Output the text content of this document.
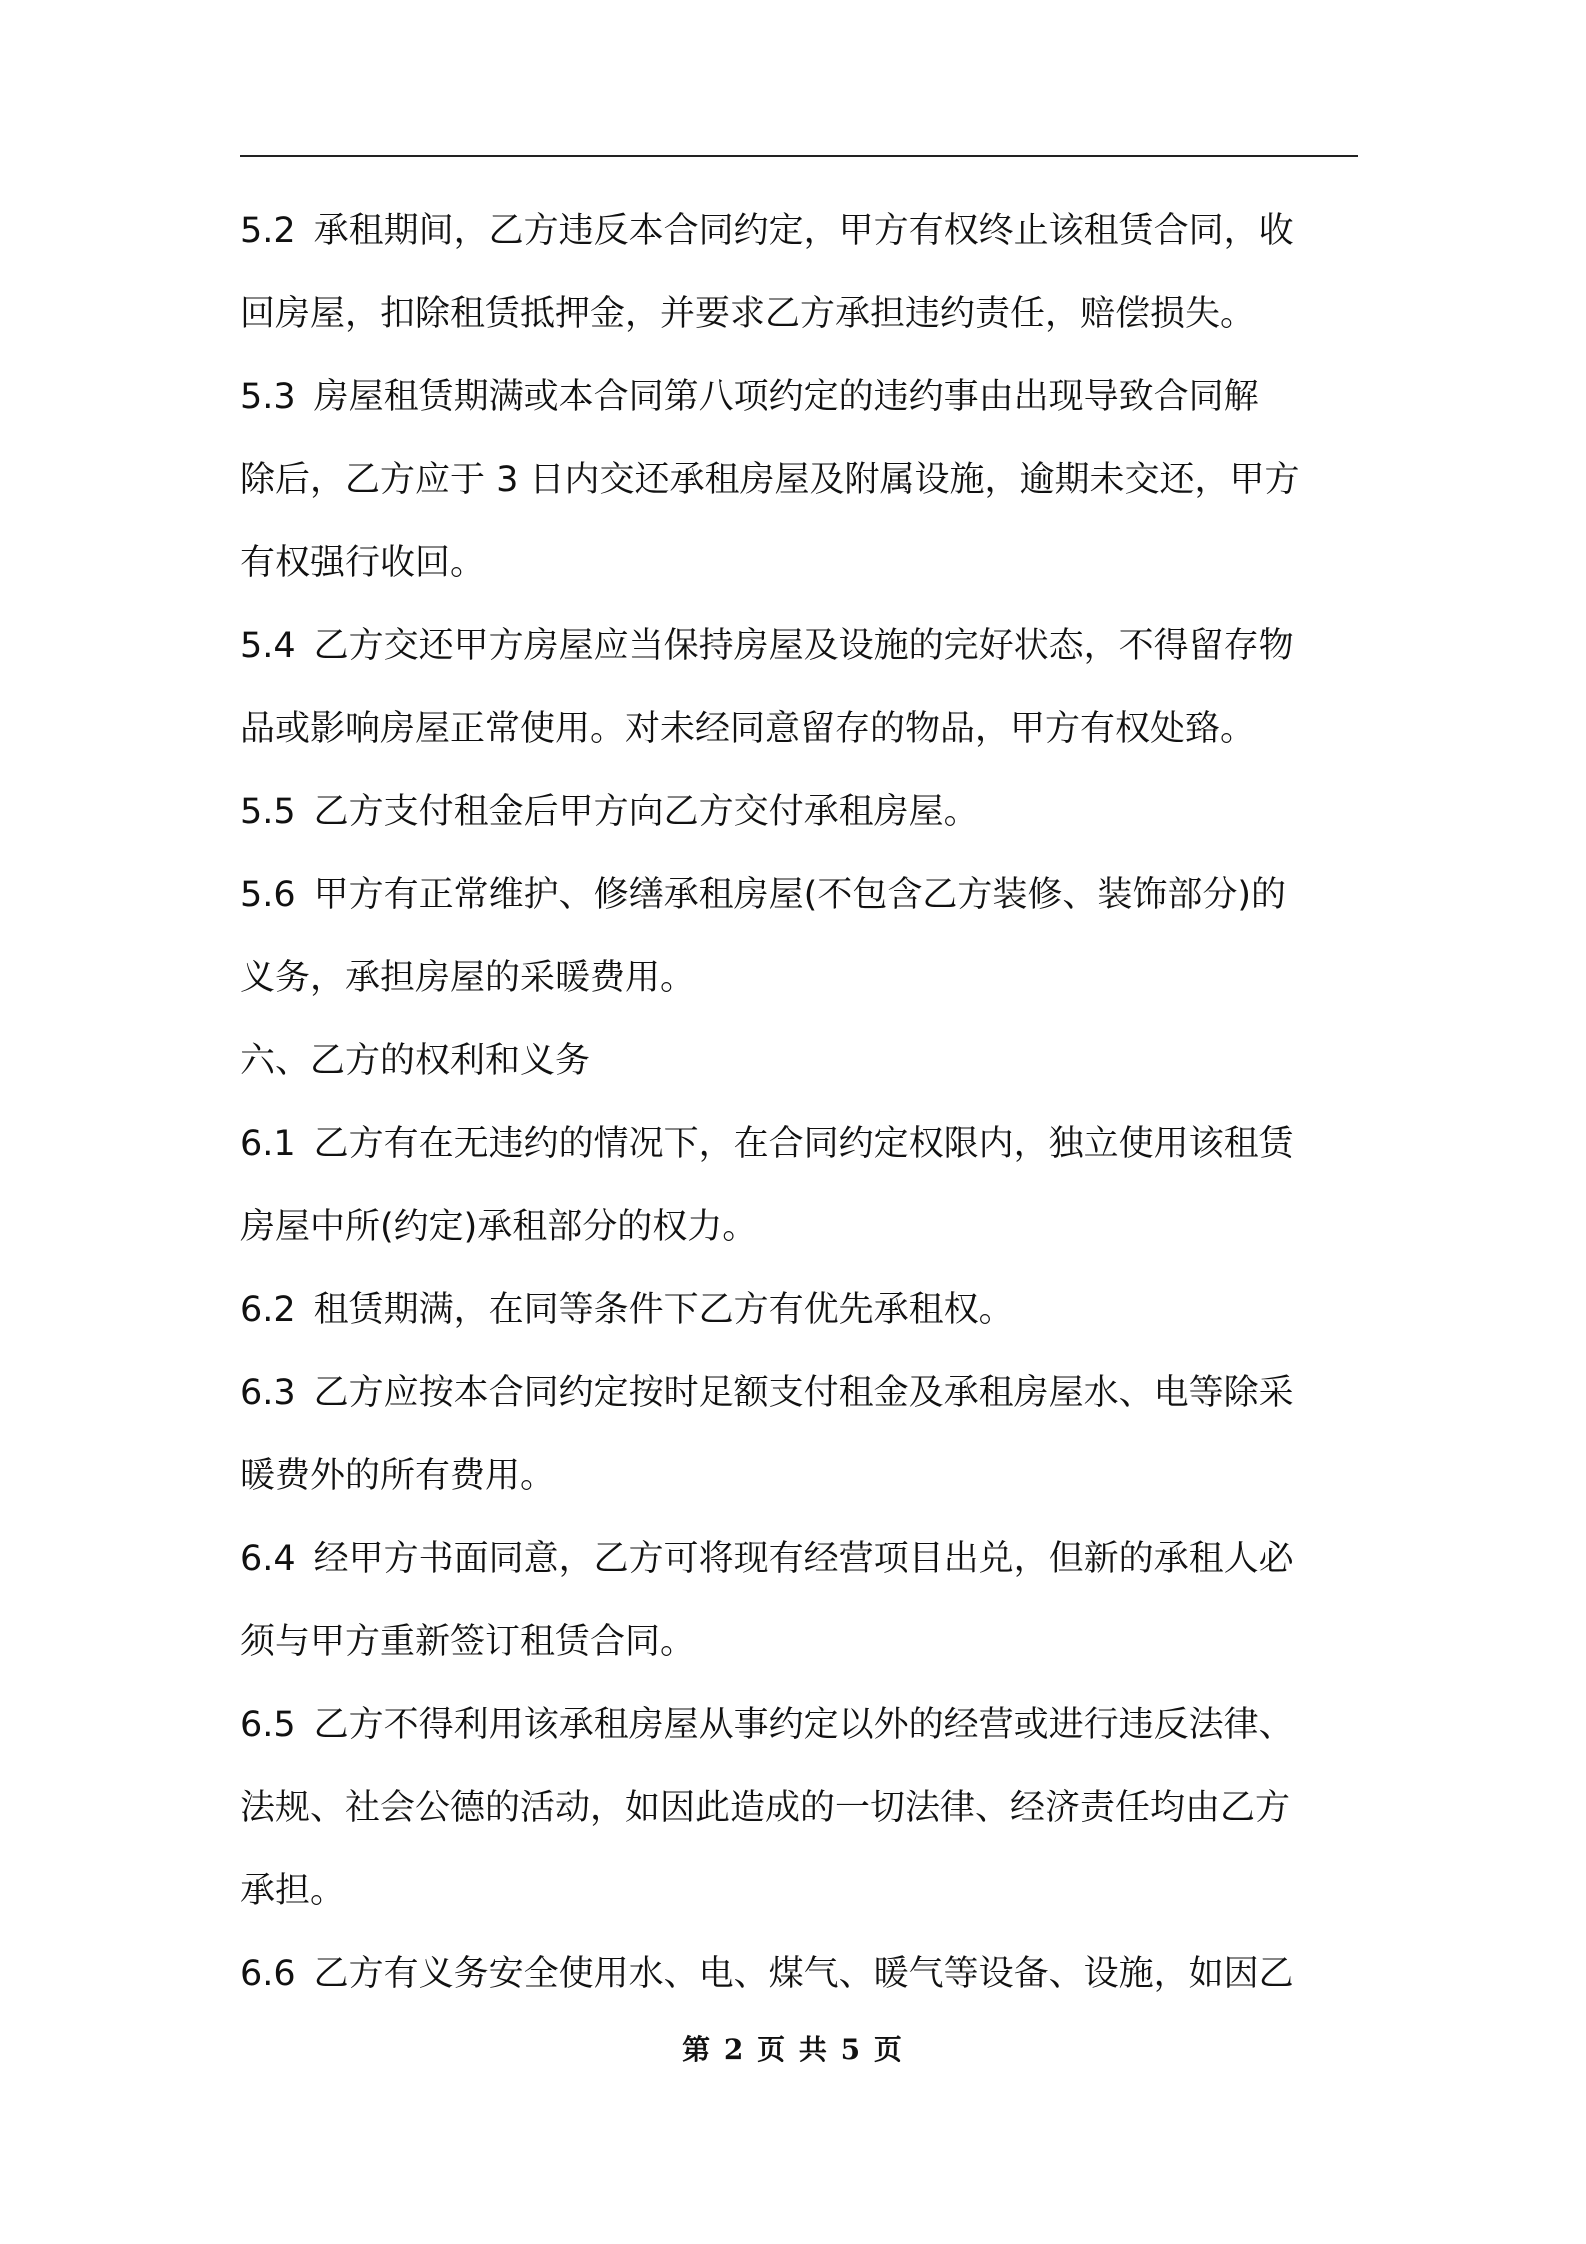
5.2 承租期间，乙方违反本合同约定，甲方有权终止该租赁合同，收
回房屋，扣除租赁抵押金，并要求乙方承担违约责任，赔偿损失。
5.3 房屋租赁期满或本合同第八项约定的违约事由出现导致合同解
除后，乙方应于 3 日内交还承租房屋及附属设施，逾期未交还，甲方
有权强行收回。
5.4 乙方交还甲方房屋应当保持房屋及设施的完好状态，不得留存物
品或影响房屋正常使用。对未经同意留存的物品，甲方有权处臵。
5.5 乙方支付租金后甲方向乙方交付承租房屋。
5.6 甲方有正常维护、修缮承租房屋(不包含乙方装修、装饰部分)的
义务，承担房屋的采暖费用。
六、乙方的权利和义务
6.1 乙方有在无违约的情况下，在合同约定权限内，独立使用该租赁
房屋中所(约定)承租部分的权力。
6.2 租赁期满，在同等条件下乙方有优先承租权。
6.3 乙方应按本合同约定按时足额支付租金及承租房屋水、电等除采
暖费外的所有费用。
6.4 经甲方书面同意，乙方可将现有经营项目出兑，但新的承租人必
须与甲方重新签订租赁合同。
6.5 乙方不得利用该承租房屋从事约定以外的经营或进行违反法律、
法规、社会公德的活动，如因此造成的一切法律、经济责任均由乙方
承担。
6.6 乙方有义务安全使用水、电、煤气、暖气等设备、设施，如因乙
第 2 页 共 5 页
